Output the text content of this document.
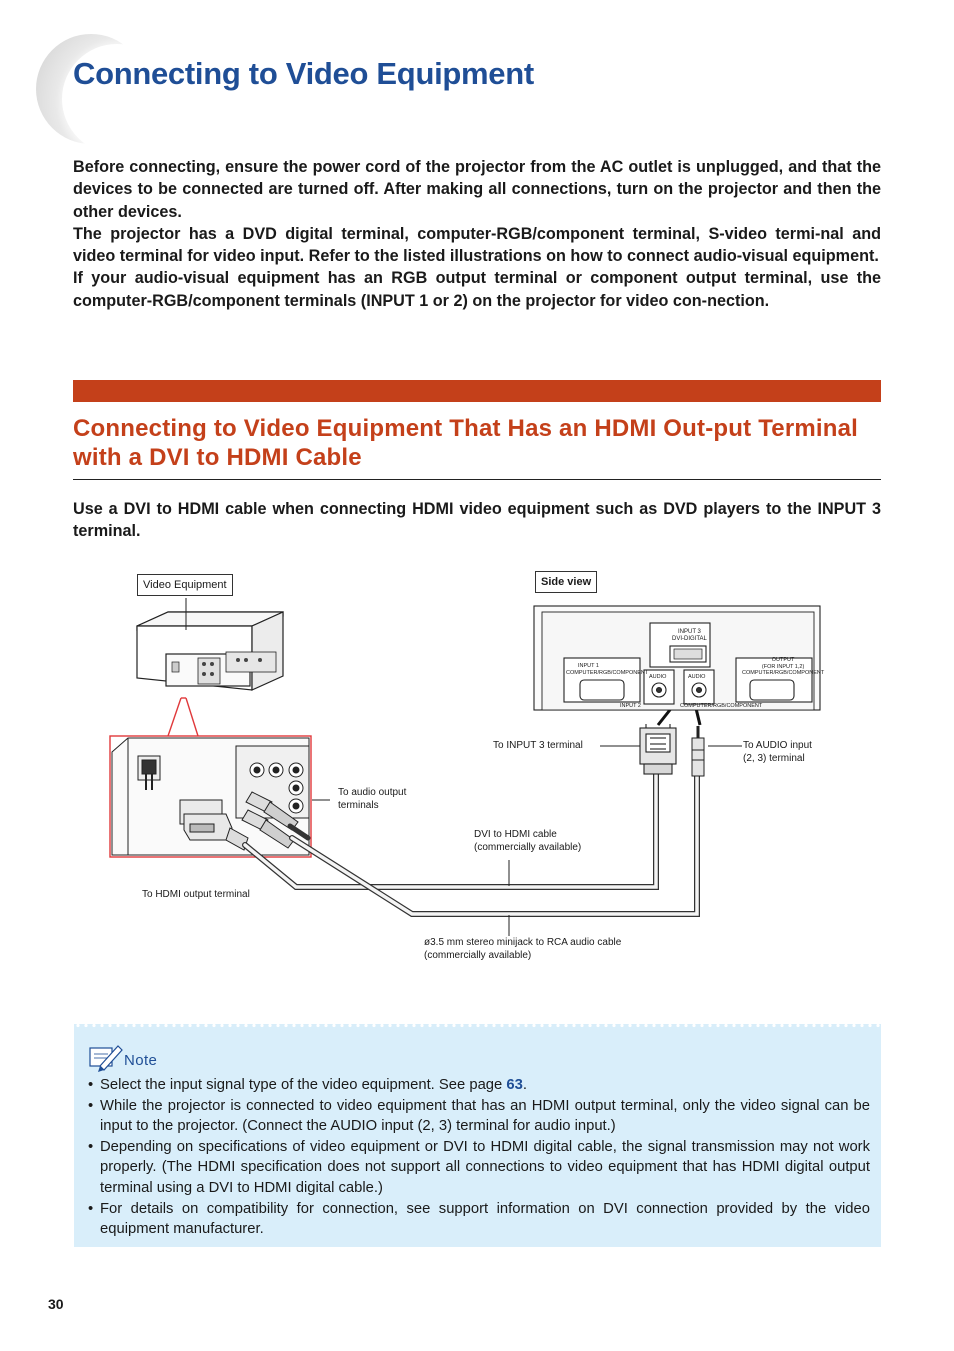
Connecting to Video Equipment

Before connecting, ensure the power cord of the projector from the AC outlet is unplugged, and that the devices to be connected are turned off. After making all connections, turn on the projector and then the other devices.

The projector has a DVD digital terminal, computer-RGB/component terminal, S-video termi-nal and video terminal for video input. Refer to the listed illustrations on how to connect audio-visual equipment.

If your audio-visual equipment has an RGB output terminal or component output terminal, use the computer-RGB/component terminals (INPUT 1 or 2) on the projector for video con-nection.

Connecting to Video Equipment That Has an HDMI Out-put Terminal with a DVI to HDMI Cable

Use a DVI to HDMI cable when connecting HDMI video equipment such as DVD players to the INPUT 3 terminal.

Video Equipment	Side view
INPUT 3
DVI-DIGITAL
INPUT 1
COMPUTER/RGB/COMPONENT
OUTPUT
(FOR INPUT 1,2)
COMPUTER/RGB/COMPONENT
AUDIO	AUDIO
INPUT 2	COMPUTER/RGB/COMPONENT
To INPUT 3 terminal	To AUDIO input
(2, 3) terminal
To audio output
terminals
DVI to HDMI cable
(commercially available)
To HDMI output terminal
ø3.5 mm stereo minijack to RCA audio cable
(commercially available)
Note
• Select the input signal type of the video equipment. See page 63.
• While the projector is connected to video equipment that has an HDMI output terminal, only the video signal can be input to the projector. (Connect the AUDIO input (2, 3) terminal for audio input.)
• Depending on specifications of video equipment or DVI to HDMI digital cable, the signal transmission may not work properly. (The HDMI specification does not support all connections to video equipment that has HDMI digital output terminal using a DVI to HDMI digital cable.)
• For details on compatibility for connection, see support information on DVI connection provided by the video equipment manufacturer.
30
